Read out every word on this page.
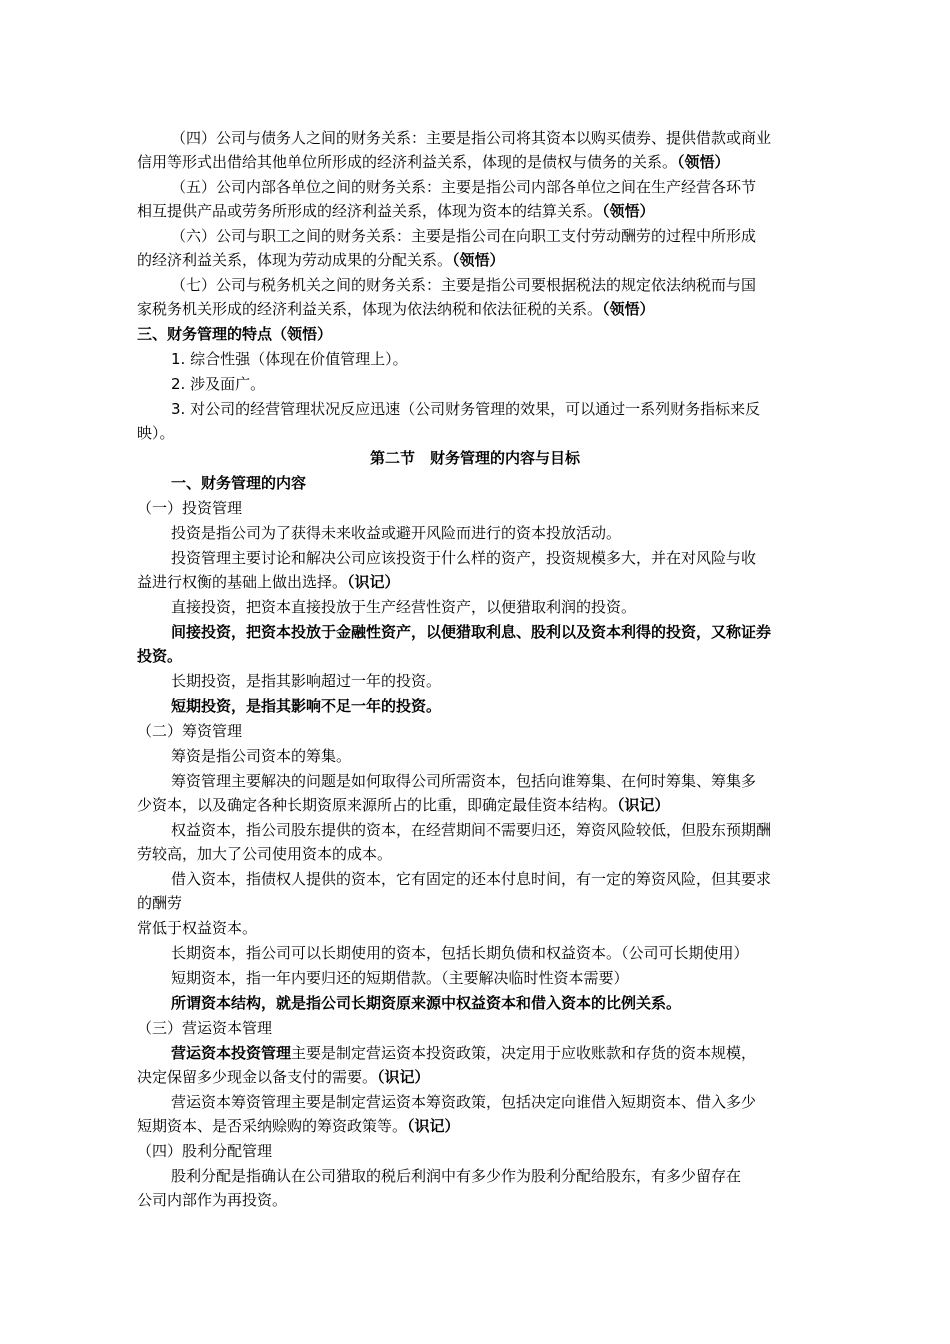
（四）公司与债务人之间的财务关系：主要是指公司将其资本以购买债券、提供借款或商业
信用等形式出借给其他单位所形成的经济利益关系，体现的是债权与债务的关系。（领悟）
（五）公司内部各单位之间的财务关系：主要是指公司内部各单位之间在生产经营各环节
相互提供产品或劳务所形成的经济利益关系，体现为资本的结算关系。（领悟）
（六）公司与职工之间的财务关系：主要是指公司在向职工支付劳动酬劳的过程中所形成
的经济利益关系，体现为劳动成果的分配关系。（领悟）
（七）公司与税务机关之间的财务关系：主要是指公司要根据税法的规定依法纳税而与国
家税务机关形成的经济利益关系，体现为依法纳税和依法征税的关系。（领悟）
三、财务管理的特点（领悟）
1. 综合性强（体现在价值管理上）。
2. 涉及面广。
3. 对公司的经营管理状况反应迅速（公司财务管理的效果，可以通过一系列财务指标来反
映）。
第二节　财务管理的内容与目标
一、财务管理的内容
（一）投资管理
投资是指公司为了获得未来收益或避开风险而进行的资本投放活动。
投资管理主要讨论和解决公司应该投资于什么样的资产，投资规模多大，并在对风险与收
益进行权衡的基础上做出选择。（识记）
直接投资，把资本直接投放于生产经营性资产，以便猎取利润的投资。
间接投资，把资本投放于金融性资产，以便猎取利息、股利以及资本利得的投资，又称证券
投资。
长期投资，是指其影响超过一年的投资。
短期投资，是指其影响不足一年的投资。
（二）筹资管理
筹资是指公司资本的筹集。
筹资管理主要解决的问题是如何取得公司所需资本，包括向谁筹集、在何时筹集、筹集多
少资本，以及确定各种长期资原来源所占的比重，即确定最佳资本结构。（识记）
权益资本，指公司股东提供的资本，在经营期间不需要归还，筹资风险较低，但股东预期酬
劳较高，加大了公司使用资本的成本。
借入资本，指债权人提供的资本，它有固定的还本付息时间，有一定的筹资风险，但其要求
的酬劳
常低于权益资本。
长期资本，指公司可以长期使用的资本，包括长期负债和权益资本。（公司可长期使用）
短期资本，指一年内要归还的短期借款。（主要解决临时性资本需要）
所谓资本结构，就是指公司长期资原来源中权益资本和借入资本的比例关系。
（三）营运资本管理
营运资本投资管理主要是制定营运资本投资政策，决定用于应收账款和存货的资本规模，
决定保留多少现金以备支付的需要。（识记）
营运资本筹资管理主要是制定营运资本筹资政策，包括决定向谁借入短期资本、借入多少
短期资本、是否采纳赊购的筹资政策等。（识记）
（四）股利分配管理
股利分配是指确认在公司猎取的税后利润中有多少作为股利分配给股东，有多少留存在
公司内部作为再投资。
